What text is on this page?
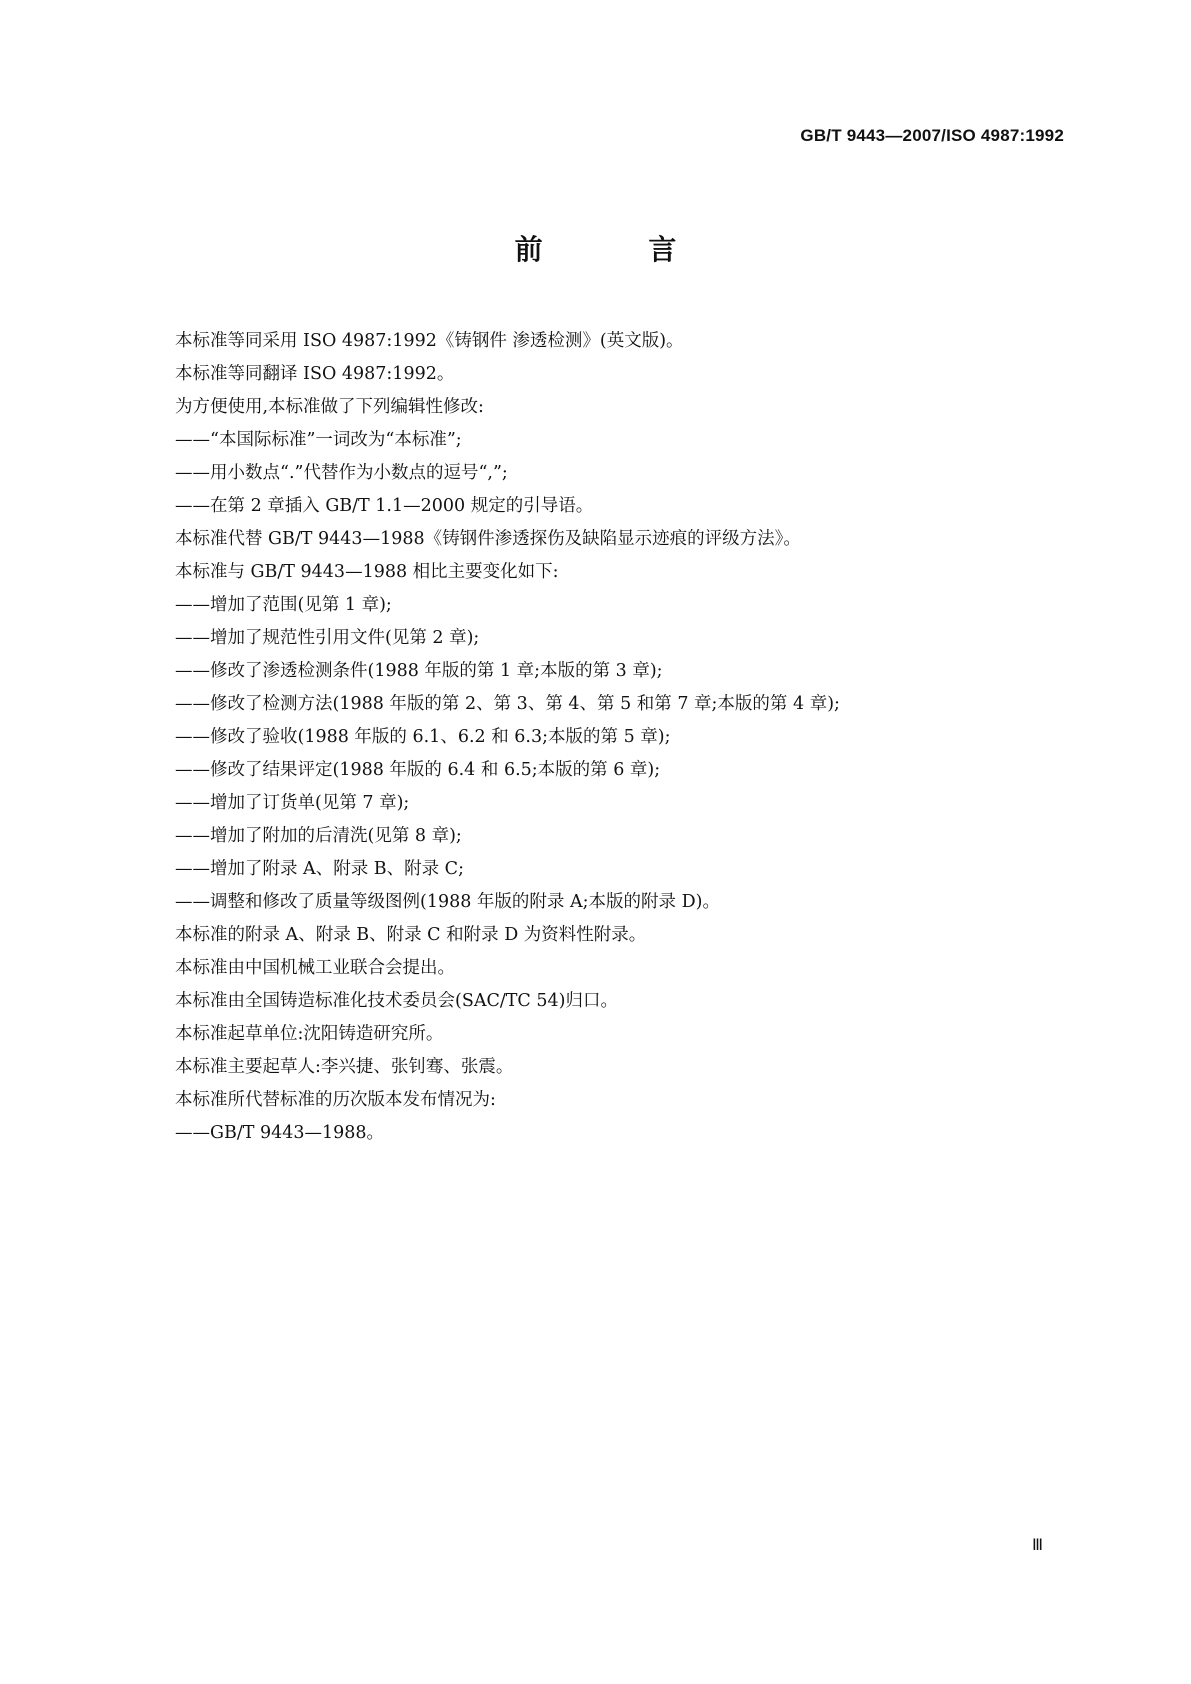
GB/T 9443—2007/ISO 4987:1992
前 言
本标准等同采用 ISO 4987:1992《铸钢件 渗透检测》(英文版)。
本标准等同翻译 ISO 4987:1992。
为方便使用,本标准做了下列编辑性修改:
——“本国际标准”一词改为“本标准”;
——用小数点“.”代替作为小数点的逗号“,”;
——在第 2 章插入 GB/T 1.1—2000 规定的引导语。
本标准代替 GB/T 9443—1988《铸钢件渗透探伤及缺陷显示迹痕的评级方法》。
本标准与 GB/T 9443—1988 相比主要变化如下:
——增加了范围(见第 1 章);
——增加了规范性引用文件(见第 2 章);
——修改了渗透检测条件(1988 年版的第 1 章;本版的第 3 章);
——修改了检测方法(1988 年版的第 2、第 3、第 4、第 5 和第 7 章;本版的第 4 章);
——修改了验收(1988 年版的 6.1、6.2 和 6.3;本版的第 5 章);
——修改了结果评定(1988 年版的 6.4 和 6.5;本版的第 6 章);
——增加了订货单(见第 7 章);
——增加了附加的后清洗(见第 8 章);
——增加了附录 A、附录 B、附录 C;
——调整和修改了质量等级图例(1988 年版的附录 A;本版的附录 D)。
本标准的附录 A、附录 B、附录 C 和附录 D 为资料性附录。
本标准由中国机械工业联合会提出。
本标准由全国铸造标准化技术委员会(SAC/TC 54)归口。
本标准起草单位:沈阳铸造研究所。
本标准主要起草人:李兴捷、张钊骞、张震。
本标准所代替标准的历次版本发布情况为:
——GB/T 9443—1988。
Ⅲ
